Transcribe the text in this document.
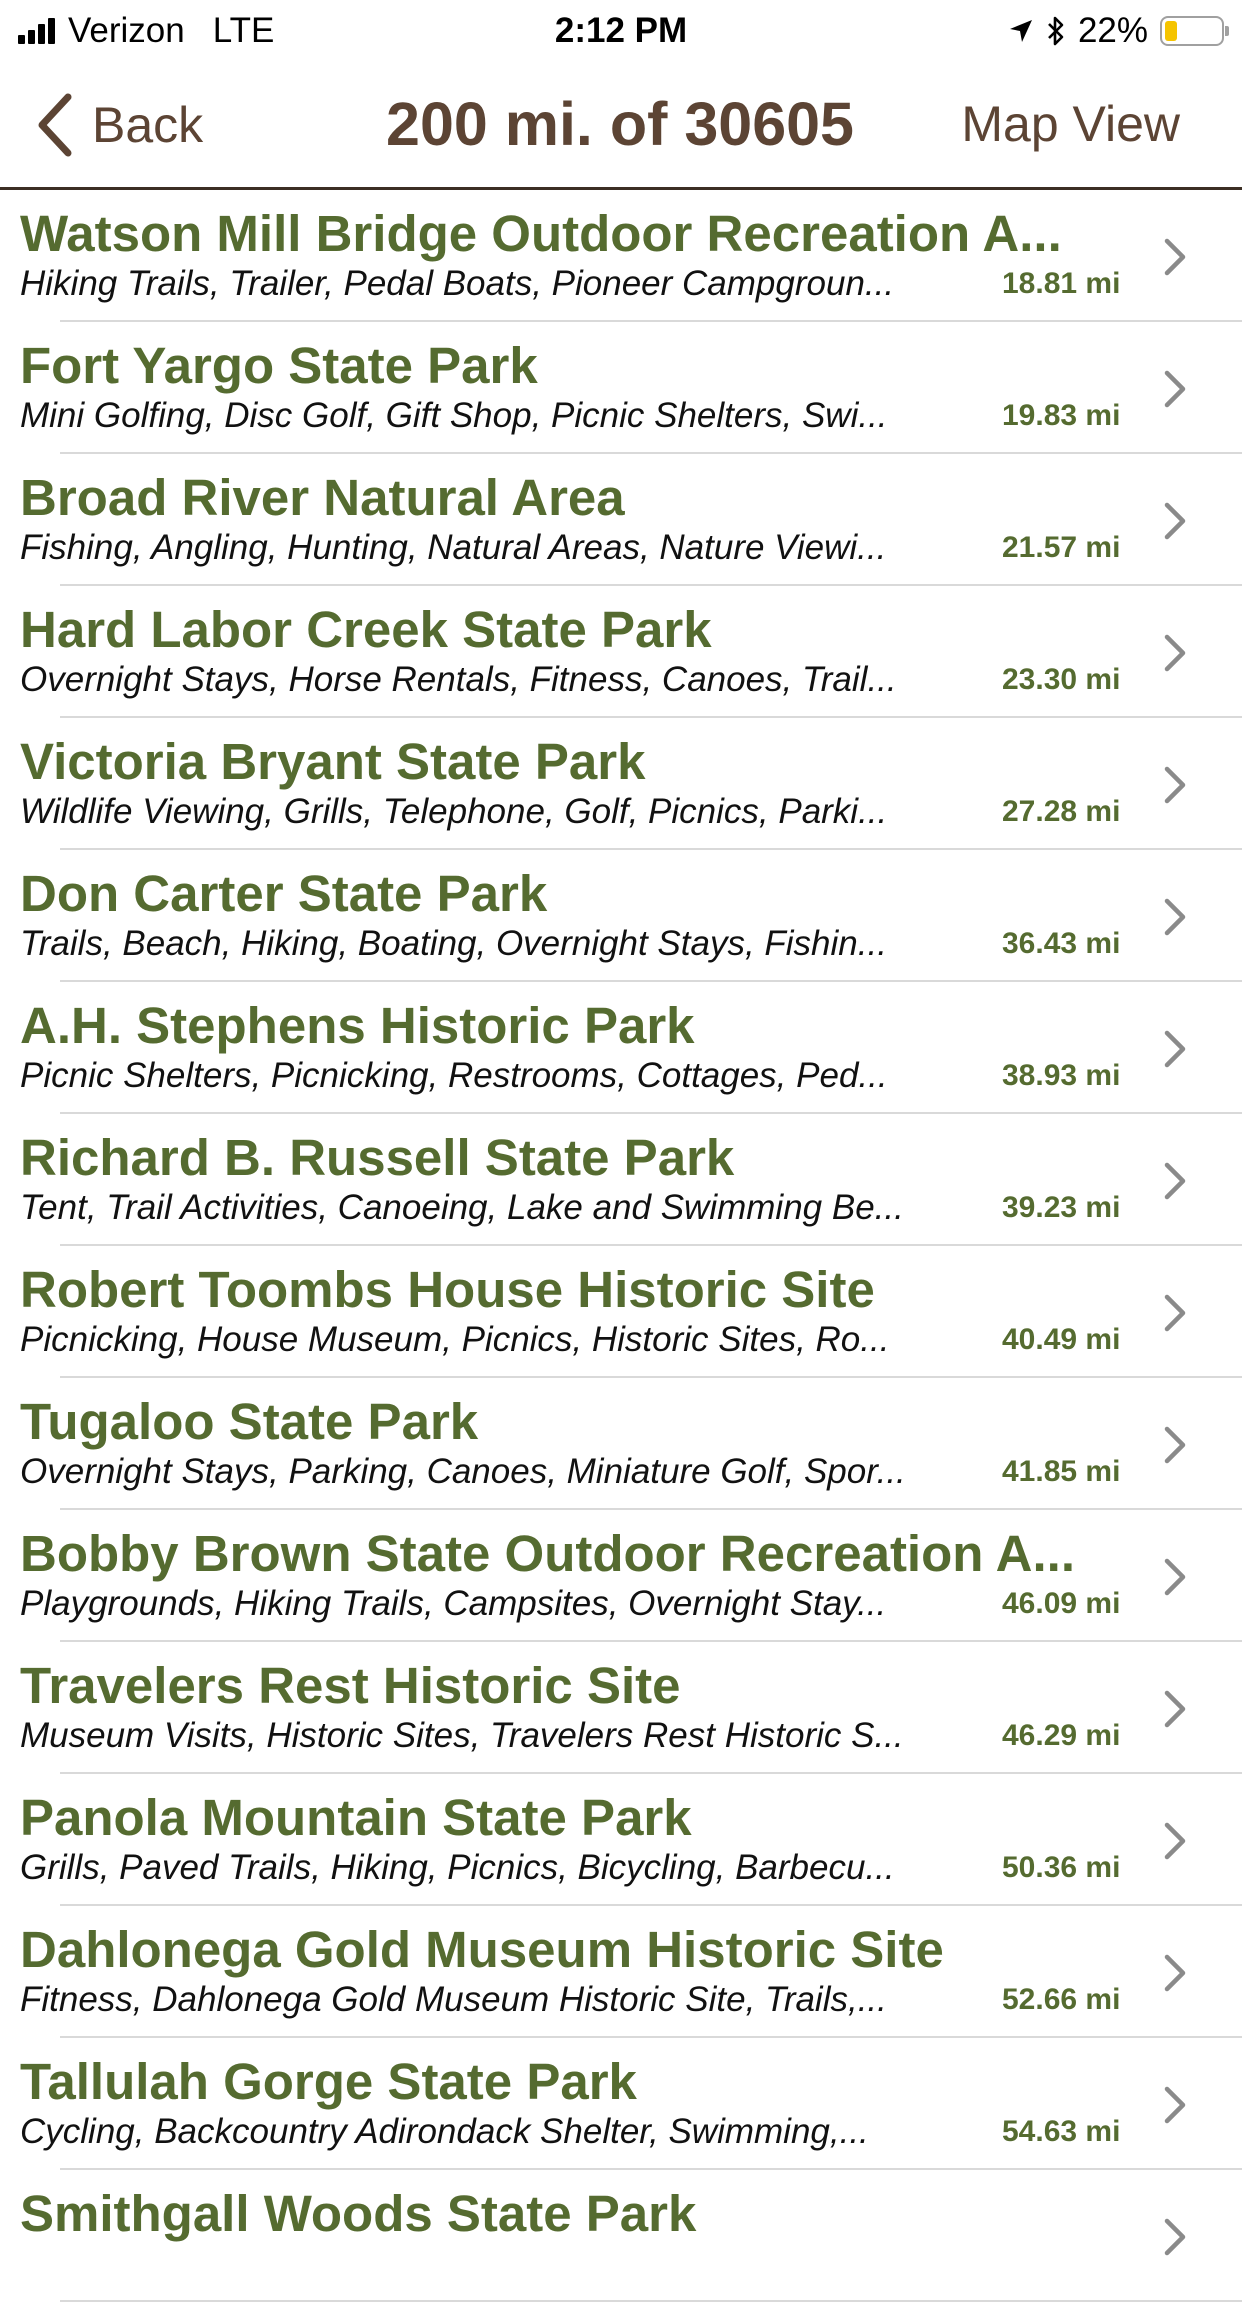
Verizon LTE	2:12 PM	22%
Back	200 mi. of 30605	Map View
Watson Mill Bridge Outdoor Recreation A...
Hiking Trails, Trailer, Pedal Boats, Pioneer Campgroun...	18.81 mi
Fort Yargo State Park
Mini Golfing, Disc Golf, Gift Shop, Picnic Shelters, Swi...	19.83 mi
Broad River Natural Area
Fishing, Angling, Hunting, Natural Areas, Nature Viewi...	21.57 mi
Hard Labor Creek State Park
Overnight Stays, Horse Rentals, Fitness, Canoes, Trail...	23.30 mi
Victoria Bryant State Park
Wildlife Viewing, Grills, Telephone, Golf, Picnics, Parki...	27.28 mi
Don Carter State Park
Trails, Beach, Hiking, Boating, Overnight Stays, Fishin...	36.43 mi
A.H. Stephens Historic Park
Picnic Shelters, Picnicking, Restrooms, Cottages, Ped...	38.93 mi
Richard B. Russell State Park
Tent, Trail Activities, Canoeing, Lake and Swimming Be...	39.23 mi
Robert Toombs House Historic Site
Picnicking, House Museum, Picnics, Historic Sites, Ro...	40.49 mi
Tugaloo State Park
Overnight Stays, Parking, Canoes, Miniature Golf, Spor...	41.85 mi
Bobby Brown State Outdoor Recreation A...
Playgrounds, Hiking Trails, Campsites, Overnight Stay...	46.09 mi
Travelers Rest Historic Site
Museum Visits, Historic Sites, Travelers Rest Historic S...	46.29 mi
Panola Mountain State Park
Grills, Paved Trails, Hiking, Picnics, Bicycling, Barbecu...	50.36 mi
Dahlonega Gold Museum Historic Site
Fitness, Dahlonega Gold Museum Historic Site, Trails,...	52.66 mi
Tallulah Gorge State Park
Cycling, Backcountry Adirondack Shelter, Swimming,...	54.63 mi
Smithgall Woods State Park
